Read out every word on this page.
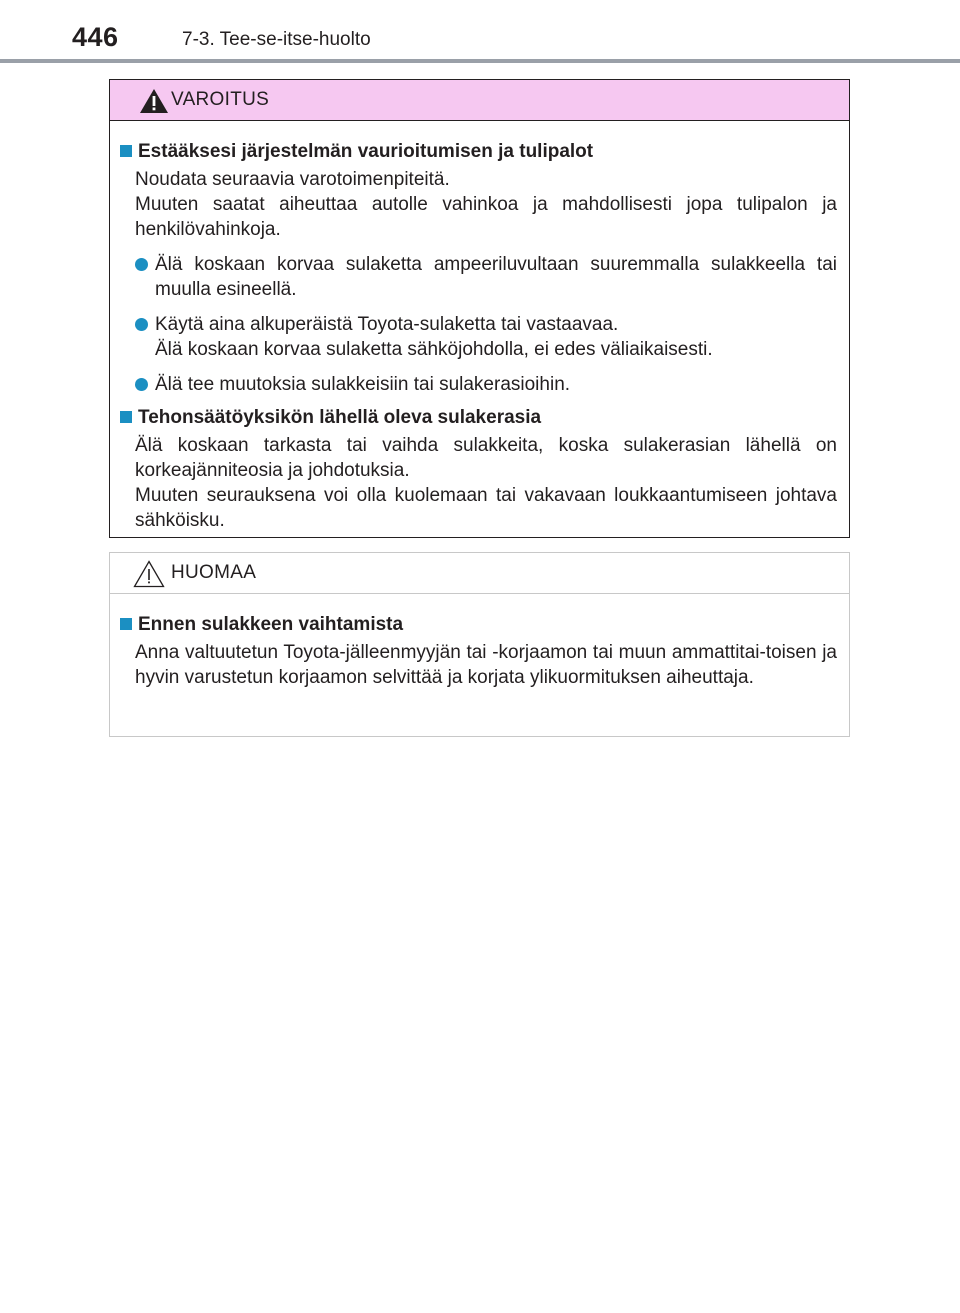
446	7-3. Tee-se-itse-huolto
VAROITUS
Estääksesi järjestelmän vaurioitumisen ja tulipalot

Noudata seuraavia varotoimenpiteitä.

Muuten saatat aiheuttaa autolle vahinkoa ja mahdollisesti jopa tulipalon ja henkilövahinkoja.

Älä koskaan korvaa sulaketta ampeeriluvultaan suuremmalla sulakkeella tai muulla esineellä.
Käytä aina alkuperäistä Toyota-sulaketta tai vastaavaa.
Älä koskaan korvaa sulaketta sähköjohdolla, ei edes väliaikaisesti.
Älä tee muutoksia sulakkeisiin tai sulakerasioihin.
Tehonsäätöyksikön lähellä oleva sulakerasia

Älä koskaan tarkasta tai vaihda sulakkeita, koska sulakerasian lähellä on korkeajänniteosia ja johdotuksia.

Muuten seurauksena voi olla kuolemaan tai vakavaan loukkaantumiseen johtava sähköisku.

HUOMAA
Ennen sulakkeen vaihtamista

Anna valtuutetun Toyota-jälleenmyyjän tai -korjaamon tai muun ammattitai-toisen ja hyvin varustetun korjaamon selvittää ja korjata ylikuormituksen aiheuttaja.
